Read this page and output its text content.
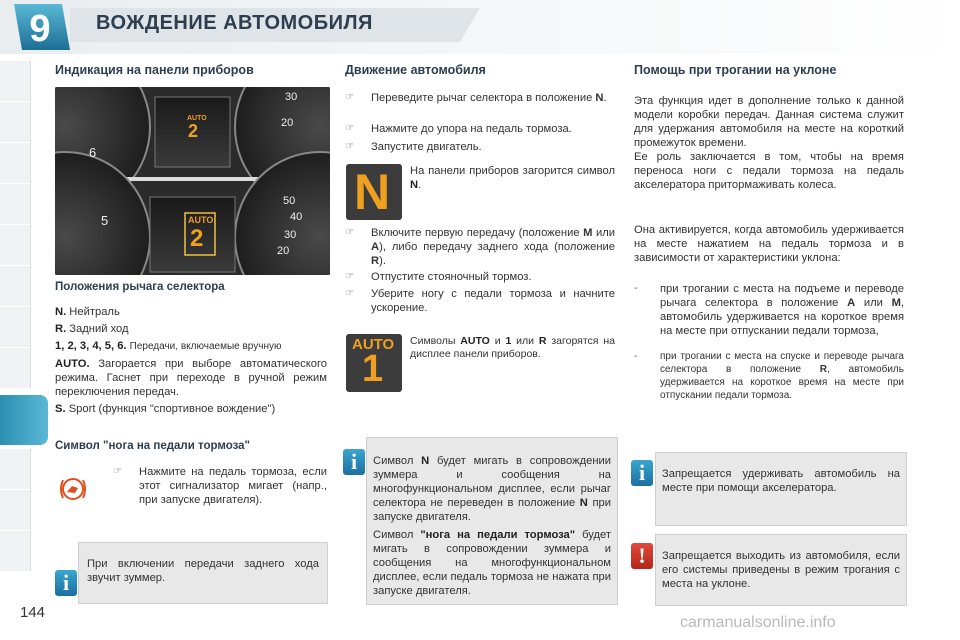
9	ВОЖДЕНИЕ АВТОМОБИЛЯ
Индикация на панели приборов
AUTO
2
AUTO
2
6
5
30
20
50
40
30
20
Положения рычага селектора
N. Нейтраль
R. Задний ход
1, 2, 3, 4, 5, 6. Передачи, включаемые вручную
AUTO. Загорается при выборе автоматического режима. Гаснет при переходе в ручной режим переключения передач.
S. Sport (функция "спортивное вождение")
Символ "нога на педали тормоза"
☞ Нажмите на педаль тормоза, если этот сигнализатор мигает (напр., при запуске двигателя).
При включении передачи заднего хода звучит зуммер.
i
Движение автомобиля
☞ Переведите рычаг селектора в положение N.
☞ Нажмите до упора на педаль тормоза.
☞ Запустите двигатель.
N На панели приборов загорится символ N.
☞ Включите первую передачу (положение M или A), либо передачу заднего хода (положение R).
☞ Отпустите стояночный тормоз.
☞ Уберите ногу с педали тормоза и начните ускорение.
AUTO
1
Символы AUTO и 1 или R загорятся на дисплее панели приборов.
Символ N будет мигать в сопровождении зуммера и сообщения на многофункциональном дисплее, если рычаг селектора не переведен в положение N при запуске двигателя.
Символ "нога на педали тормоза" будет мигать в сопровождении зуммера и сообщения на многофункциональном дисплее, если педаль тормоза не нажата при запуске двигателя.
i
Помощь при трогании на уклоне
Эта функция идет в дополнение только к данной модели коробки передач. Данная система служит для удержания автомобиля на месте на короткий промежуток времени.
Ее роль заключается в том, чтобы на время переноса ноги с педали тормоза на педаль акселератора притормаживать колеса.
Она активируется, когда автомобиль удерживается на месте нажатием на педаль тормоза и в зависимости от характеристики уклона:
- при трогании с места на подъеме и переводе рычага селектора в положение A или M, автомобиль удерживается на короткое время на месте при отпускании педали тормоза,
- при трогании с места на спуске и переводе рычага селектора в положение R, автомобиль удерживается на короткое время на месте при отпускании педали тормоза.
Запрещается удерживать автомобиль на месте при помощи акселератора.
i
Запрещается выходить из автомобиля, если его системы приведены в режим трогания с места на уклоне.
!
144
carmanualsonline.info
